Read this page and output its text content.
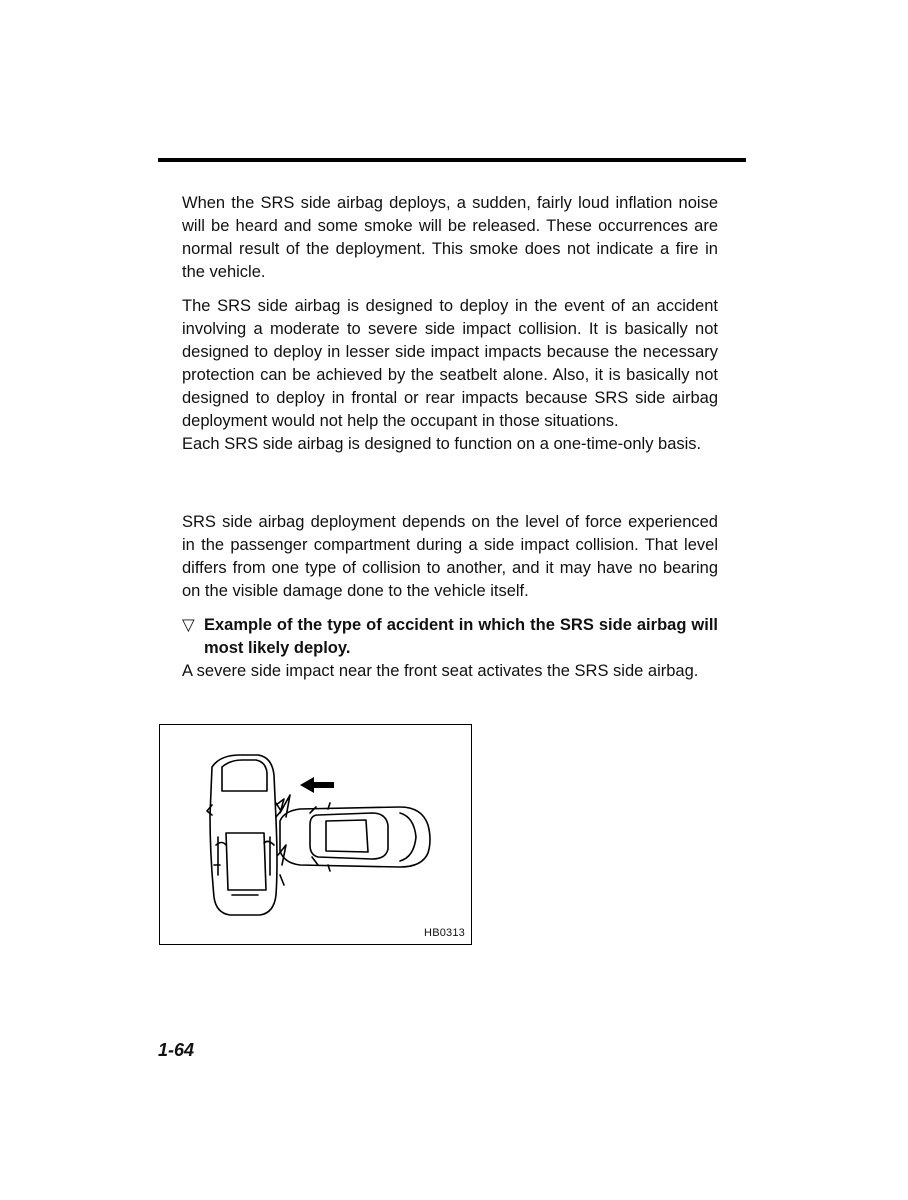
When the SRS side airbag deploys, a sudden, fairly loud inflation noise will be heard and some smoke will be released. These occurrences are normal result of the deployment. This smoke does not indicate a fire in the vehicle.

The SRS side airbag is designed to deploy in the event of an accident involving a moderate to severe side impact collision. It is basically not designed to deploy in lesser side impact impacts because the necessary protection can be achieved by the seatbelt alone. Also, it is basically not designed to deploy in frontal or rear impacts because SRS side airbag deployment would not help the occupant in those situations.

Each SRS side airbag is designed to function on a one-time-only basis.

SRS side airbag deployment depends on the level of force experienced in the passenger compartment during a side impact collision. That level differs from one type of collision to another, and it may have no bearing on the visible damage done to the vehicle itself.

▽ Example of the type of accident in which the SRS side airbag will most likely deploy.

A severe side impact near the front seat activates the SRS side airbag.

HB0313
1-64
